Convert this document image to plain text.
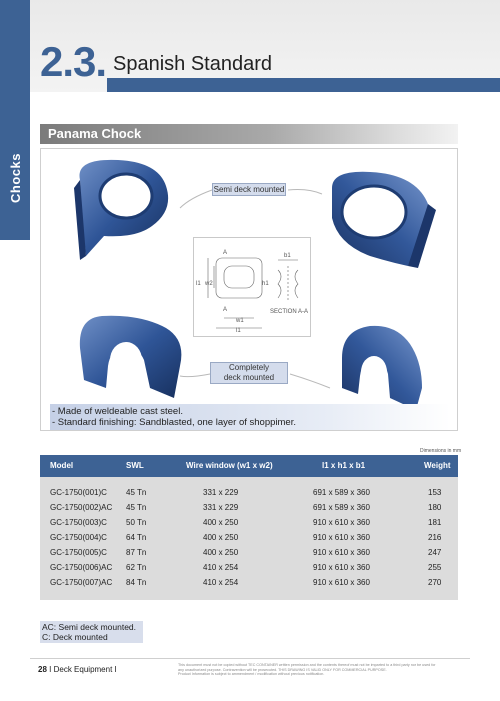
Chocks
2.3. Spanish Standard
Panama Chock
Semi deck mounted
Completely
deck mounted
A
A
b1
l1 w2	h1
w1
l1
SECTION A-A
- Made of weldeable cast steel.
- Standard finishing: Sandblasted, one layer of shoppimer.
Dimensions in mm
Model	SWL	Wire window (w1 x w2)	l1 x h1 x b1	Weight
GC-1750(001)C 45 Tn	331 x 229	691 x 589 x 360	153
GC-1750(002)AC 45 Tn	331 x 229	691 x 589 x 360	180
GC-1750(003)C 50 Tn	400 x 250	910 x 610 x 360	181
GC-1750(004)C 64 Tn	400 x 250	910 x 610 x 360	216
GC-1750(005)C 87 Tn	400 x 250	910 x 610 x 360	247
GC-1750(006)AC 62 Tn	410 x 254	910 x 610 x 360	255
GC-1750(007)AC 84 Tn	410 x 254	910 x 610 x 360	270
AC: Semi deck mounted.
C: Deck mounted
28 I Deck Equipment I	This document must not be copied without TEC CONTAINER written permission and the contents thereof must not be imparted to a third party nor be used for
any unauthorized purpose. Contravention will be prosecuted. THIS DRAWING IS VALID ONLY FOR COMMERCIAL PURPOSE.
Product Information is subject to ammendment / modification without previous notification.
